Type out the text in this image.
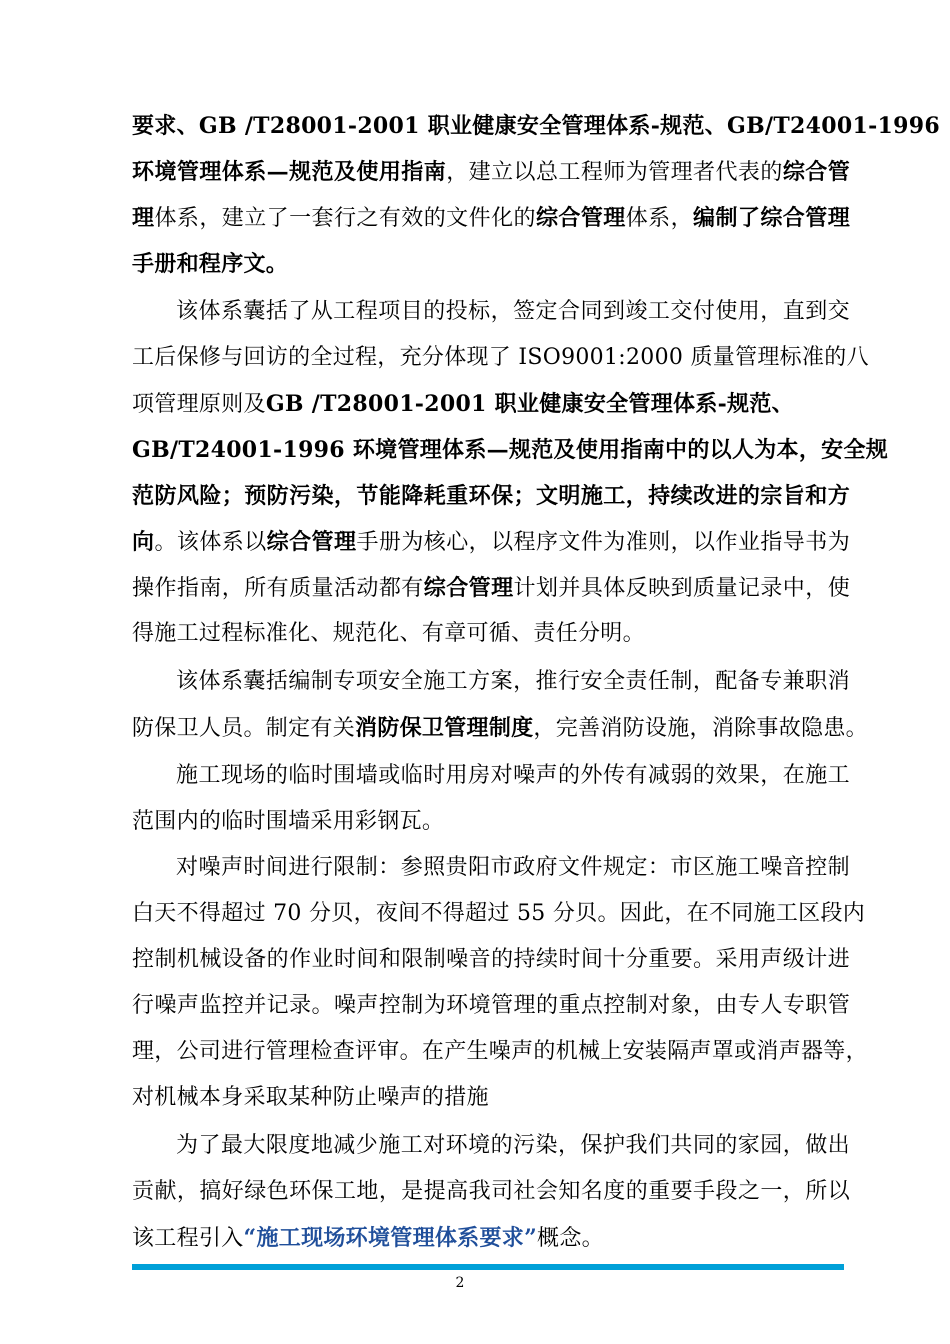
要求、GB /T28001-2001 职业健康安全管理体系-规范、GB/T24001-1996
环境管理体系—规范及使用指南，建立以总工程师为管理者代表的综合管
理体系，建立了一套行之有效的文件化的综合管理体系，编制了综合管理
手册和程序文。
该体系囊括了从工程项目的投标，签定合同到竣工交付使用，直到交
工后保修与回访的全过程，充分体现了 ISO9001:2000 质量管理标准的八
项管理原则及GB /T28001-2001 职业健康安全管理体系-规范、
GB/T24001-1996 环境管理体系—规范及使用指南中的以人为本，安全规
范防风险；预防污染，节能降耗重环保；文明施工，持续改进的宗旨和方
向。该体系以综合管理手册为核心，以程序文件为准则，以作业指导书为
操作指南，所有质量活动都有综合管理计划并具体反映到质量记录中，使
得施工过程标准化、规范化、有章可循、责任分明。
该体系囊括编制专项安全施工方案，推行安全责任制，配备专兼职消
防保卫人员。制定有关消防保卫管理制度，完善消防设施，消除事故隐患。
施工现场的临时围墙或临时用房对噪声的外传有减弱的效果，在施工
范围内的临时围墙采用彩钢瓦。
对噪声时间进行限制：参照贵阳市政府文件规定：市区施工噪音控制
白天不得超过 70 分贝，夜间不得超过 55 分贝。因此，在不同施工区段内
控制机械设备的作业时间和限制噪音的持续时间十分重要。采用声级计进
行噪声监控并记录。噪声控制为环境管理的重点控制对象，由专人专职管
理，公司进行管理检查评审。在产生噪声的机械上安装隔声罩或消声器等，
对机械本身采取某种防止噪声的措施
为了最大限度地减少施工对环境的污染，保护我们共同的家园，做出
贡献，搞好绿色环保工地，是提高我司社会知名度的重要手段之一，所以
该工程引入“施工现场环境管理体系要求”概念。
2
